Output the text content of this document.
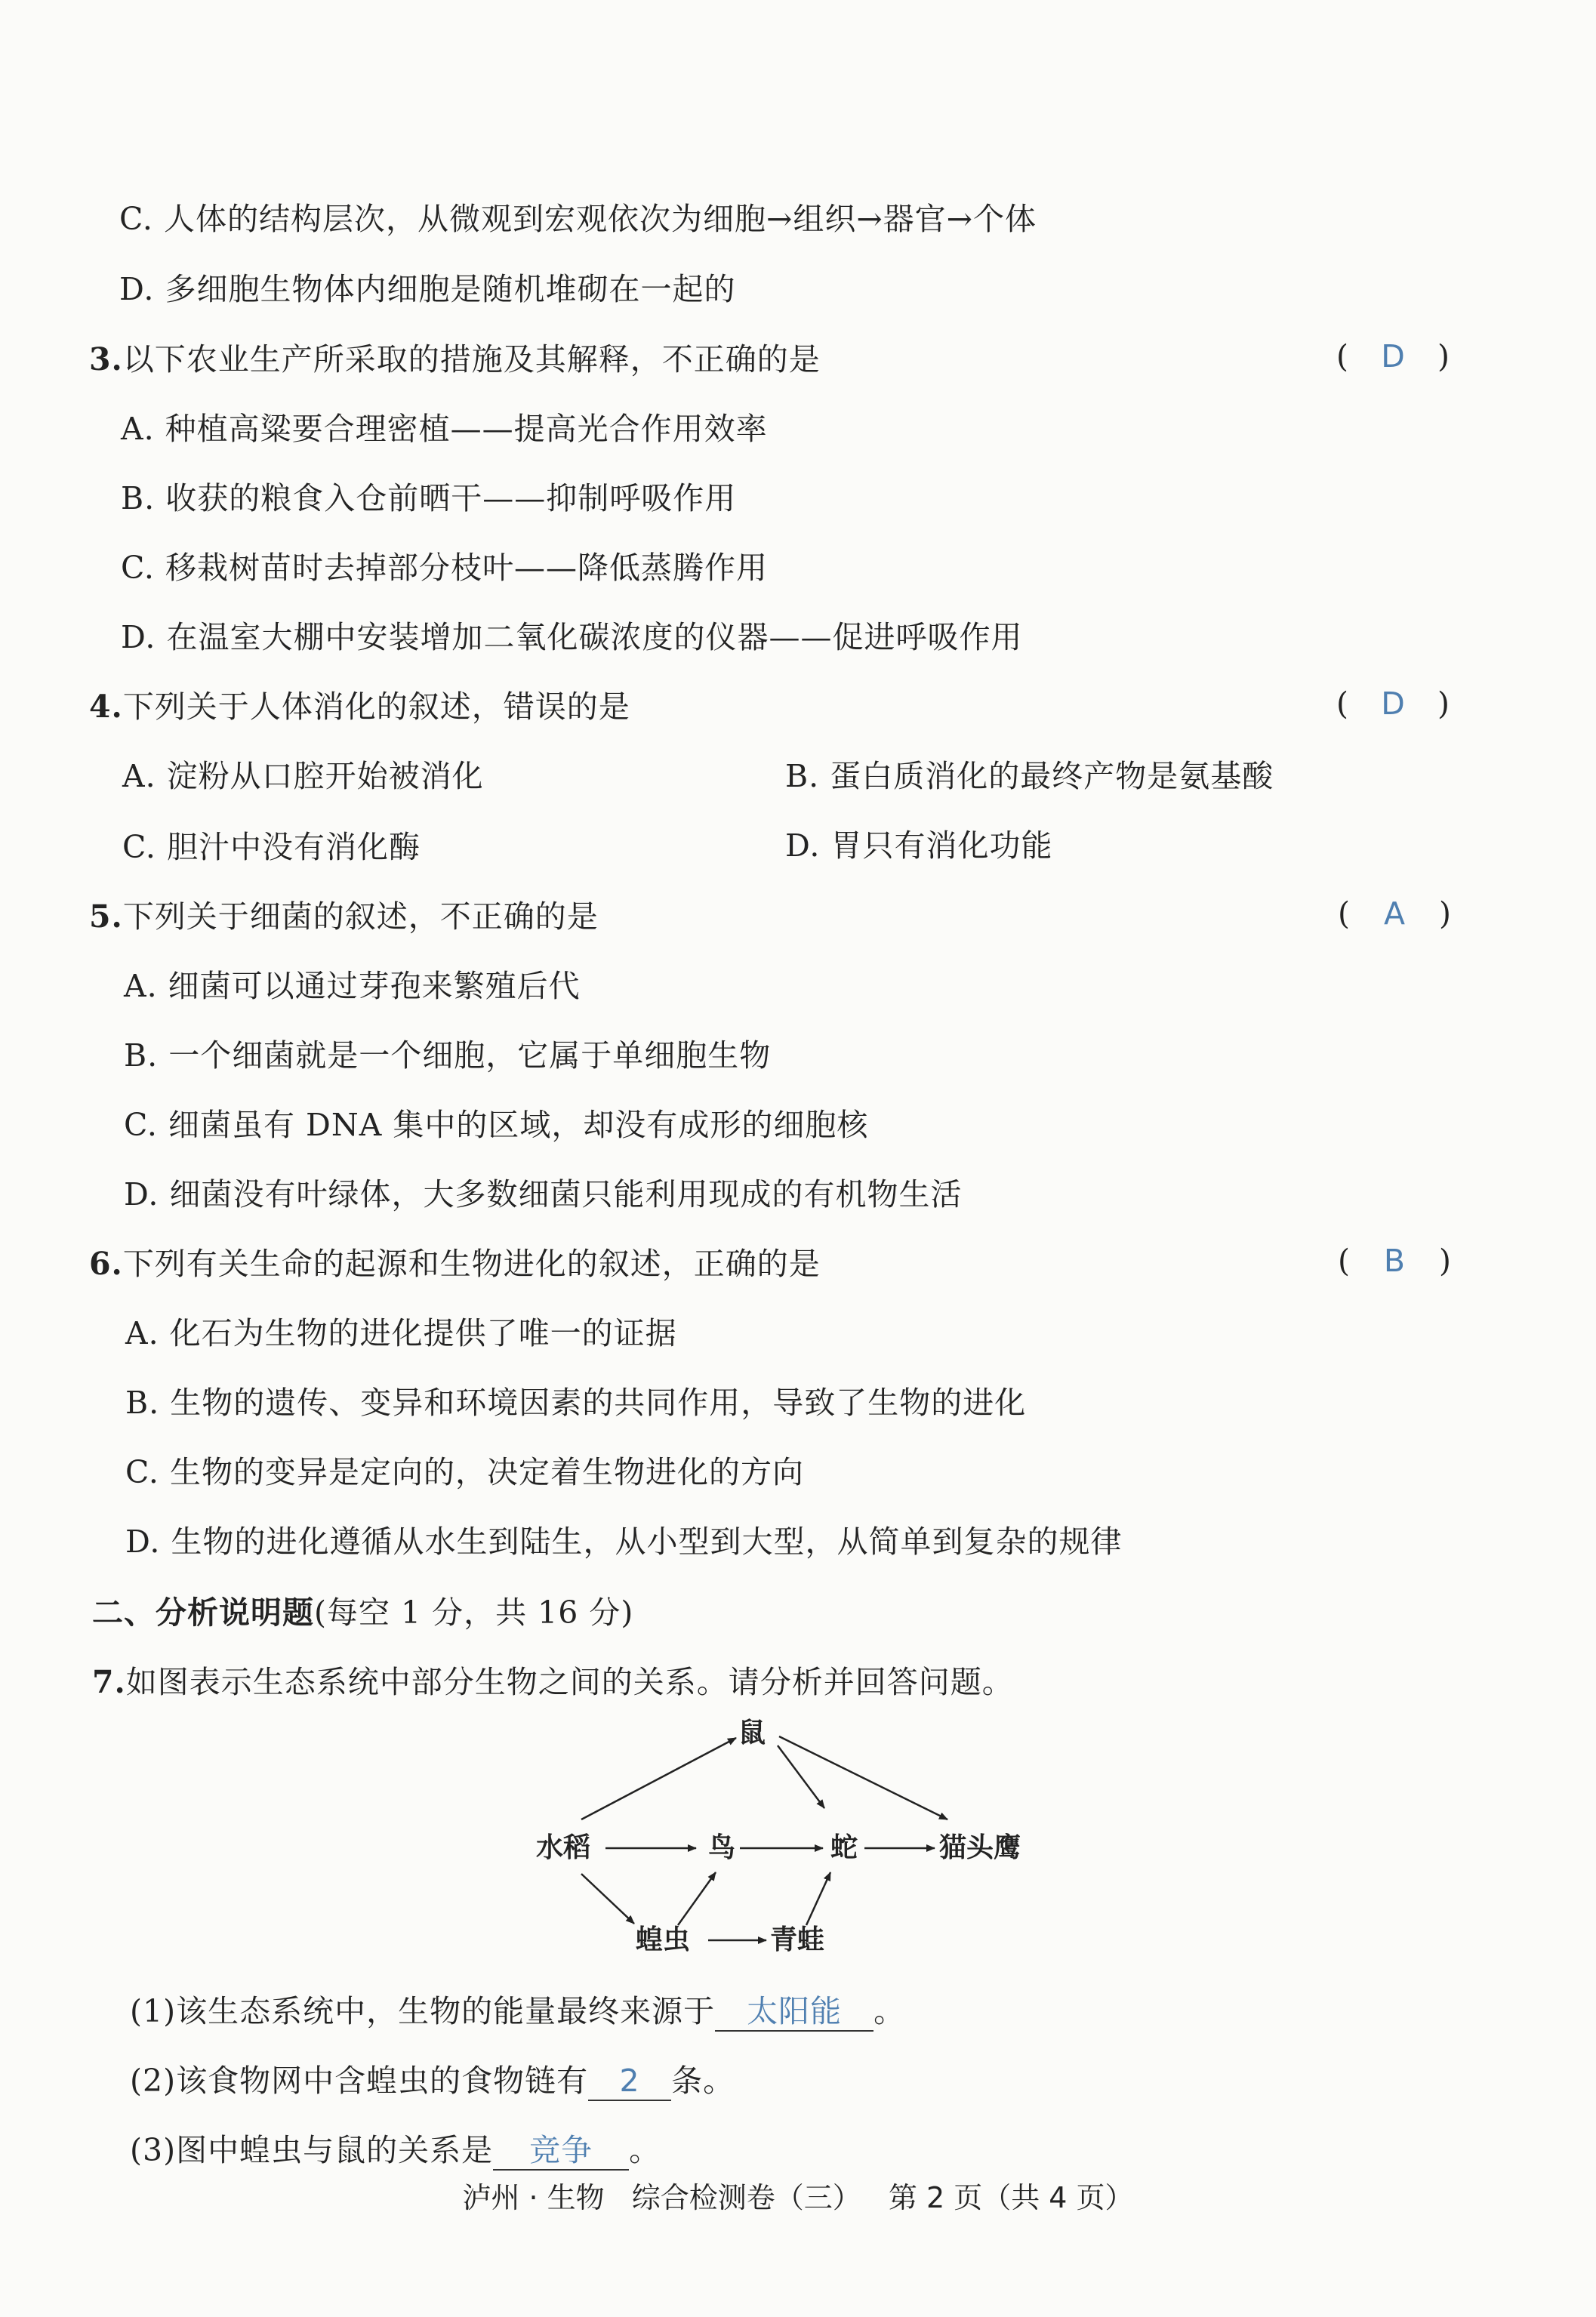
C. 人体的结构层次，从微观到宏观依次为细胞→组织→器官→个体
D. 多细胞生物体内细胞是随机堆砌在一起的
3.以下农业生产所采取的措施及其解释，不正确的是	(	D	)
A. 种植高粱要合理密植——提高光合作用效率
B. 收获的粮食入仓前晒干——抑制呼吸作用
C. 移栽树苗时去掉部分枝叶——降低蒸腾作用
D. 在温室大棚中安装增加二氧化碳浓度的仪器——促进呼吸作用
4.下列关于人体消化的叙述，错误的是	(	D	)
A. 淀粉从口腔开始被消化	B. 蛋白质消化的最终产物是氨基酸
C. 胆汁中没有消化酶	D. 胃只有消化功能
5.下列关于细菌的叙述，不正确的是	(	A	)
A. 细菌可以通过芽孢来繁殖后代
B. 一个细菌就是一个细胞，它属于单细胞生物
C. 细菌虽有 DNA 集中的区域，却没有成形的细胞核
D. 细菌没有叶绿体，大多数细菌只能利用现成的有机物生活
6.下列有关生命的起源和生物进化的叙述，正确的是	(	B	)
A. 化石为生物的进化提供了唯一的证据
B. 生物的遗传、变异和环境因素的共同作用，导致了生物的进化
C. 生物的变异是定向的，决定着生物进化的方向
D. 生物的进化遵循从水生到陆生，从小型到大型，从简单到复杂的规律
二、分析说明题(每空 1 分，共 16 分)
7.如图表示生态系统中部分生物之间的关系。请分析并回答问题。
鼠
水稻	鸟	蛇	猫头鹰
蝗虫	青蛙
(1)该生态系统中，生物的能量最终来源于 太阳能 。
(2)该食物网中含蝗虫的食物链有 2 条。
(3)图中蝗虫与鼠的关系是 竞争 。
泸州 · 生物 综合检测卷（三） 第 2 页（共 4 页）
